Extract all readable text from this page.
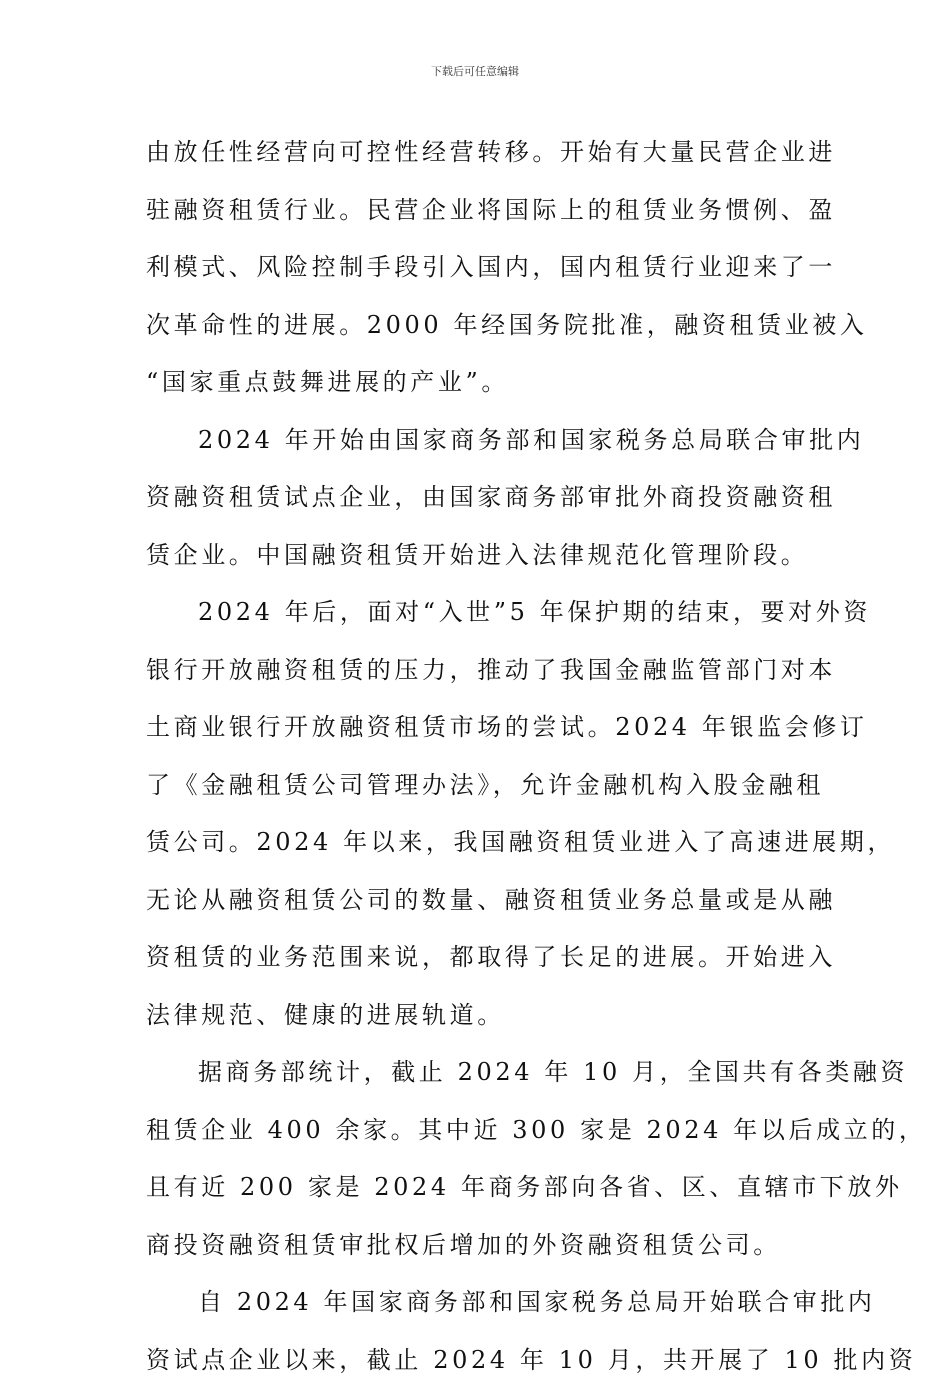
下载后可任意编辑
由放任性经营向可控性经营转移。开始有大量民营企业进
驻融资租赁行业。民营企业将国际上的租赁业务惯例、盈
利模式、风险控制手段引入国内，国内租赁行业迎来了一
次革命性的进展。2000 年经国务院批准，融资租赁业被入
“国家重点鼓舞进展的产业”。
2024 年开始由国家商务部和国家税务总局联合审批内
资融资租赁试点企业，由国家商务部审批外商投资融资租
赁企业。中国融资租赁开始进入法律规范化管理阶段。
2024 年后，面对“入世”5 年保护期的结束，要对外资
银行开放融资租赁的压力，推动了我国金融监管部门对本
土商业银行开放融资租赁市场的尝试。2024 年银监会修订
了《金融租赁公司管理办法》，允许金融机构入股金融租
赁公司。2024 年以来，我国融资租赁业进入了高速进展期，
无论从融资租赁公司的数量、融资租赁业务总量或是从融
资租赁的业务范围来说，都取得了长足的进展。开始进入
法律规范、健康的进展轨道。
据商务部统计，截止 2024 年 10 月，全国共有各类融资
租赁企业 400 余家。其中近 300 家是 2024 年以后成立的，
且有近 200 家是 2024 年商务部向各省、区、直辖市下放外
商投资融资租赁审批权后增加的外资融资租赁公司。
自 2024 年国家商务部和国家税务总局开始联合审批内
资试点企业以来，截止 2024 年 10 月，共开展了 10 批内资
